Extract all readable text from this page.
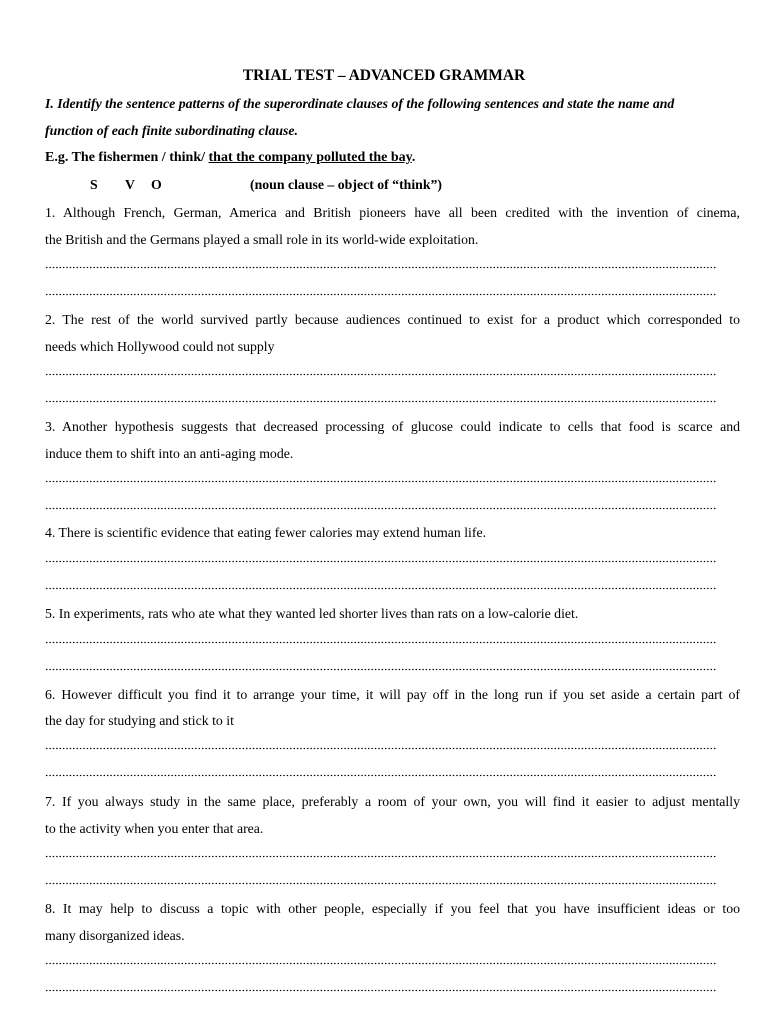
TRIAL TEST – ADVANCED GRAMMAR
I. Identify the sentence patterns of the superordinate clauses of the following sentences and state the name and
function of each finite subordinating clause.
E.g. The fishermen / think/ that the company polluted the bay.
S V O	(noun clause – object of “think”)
1. Although French, German, America and British pioneers have all been credited with the invention of cinema,
the British and the Germans played a small role in its world-wide exploitation.
2. The rest of the world survived partly because audiences continued to exist for a product which corresponded to
needs which Hollywood could not supply
3. Another hypothesis suggests that decreased processing of glucose could indicate to cells that food is scarce and
induce them to shift into an anti-aging mode.
4. There is scientific evidence that eating fewer calories may extend human life.
5. In experiments, rats who ate what they wanted led shorter lives than rats on a low-calorie diet.
6. However difficult you find it to arrange your time, it will pay off in the long run if you set aside a certain part of
the day for studying and stick to it
7. If you always study in the same place, preferably a room of your own, you will find it easier to adjust mentally
to the activity when you enter that area.
8. It may help to discuss a topic with other people, especially if you feel that you have insufficient ideas or too
many disorganized ideas.
